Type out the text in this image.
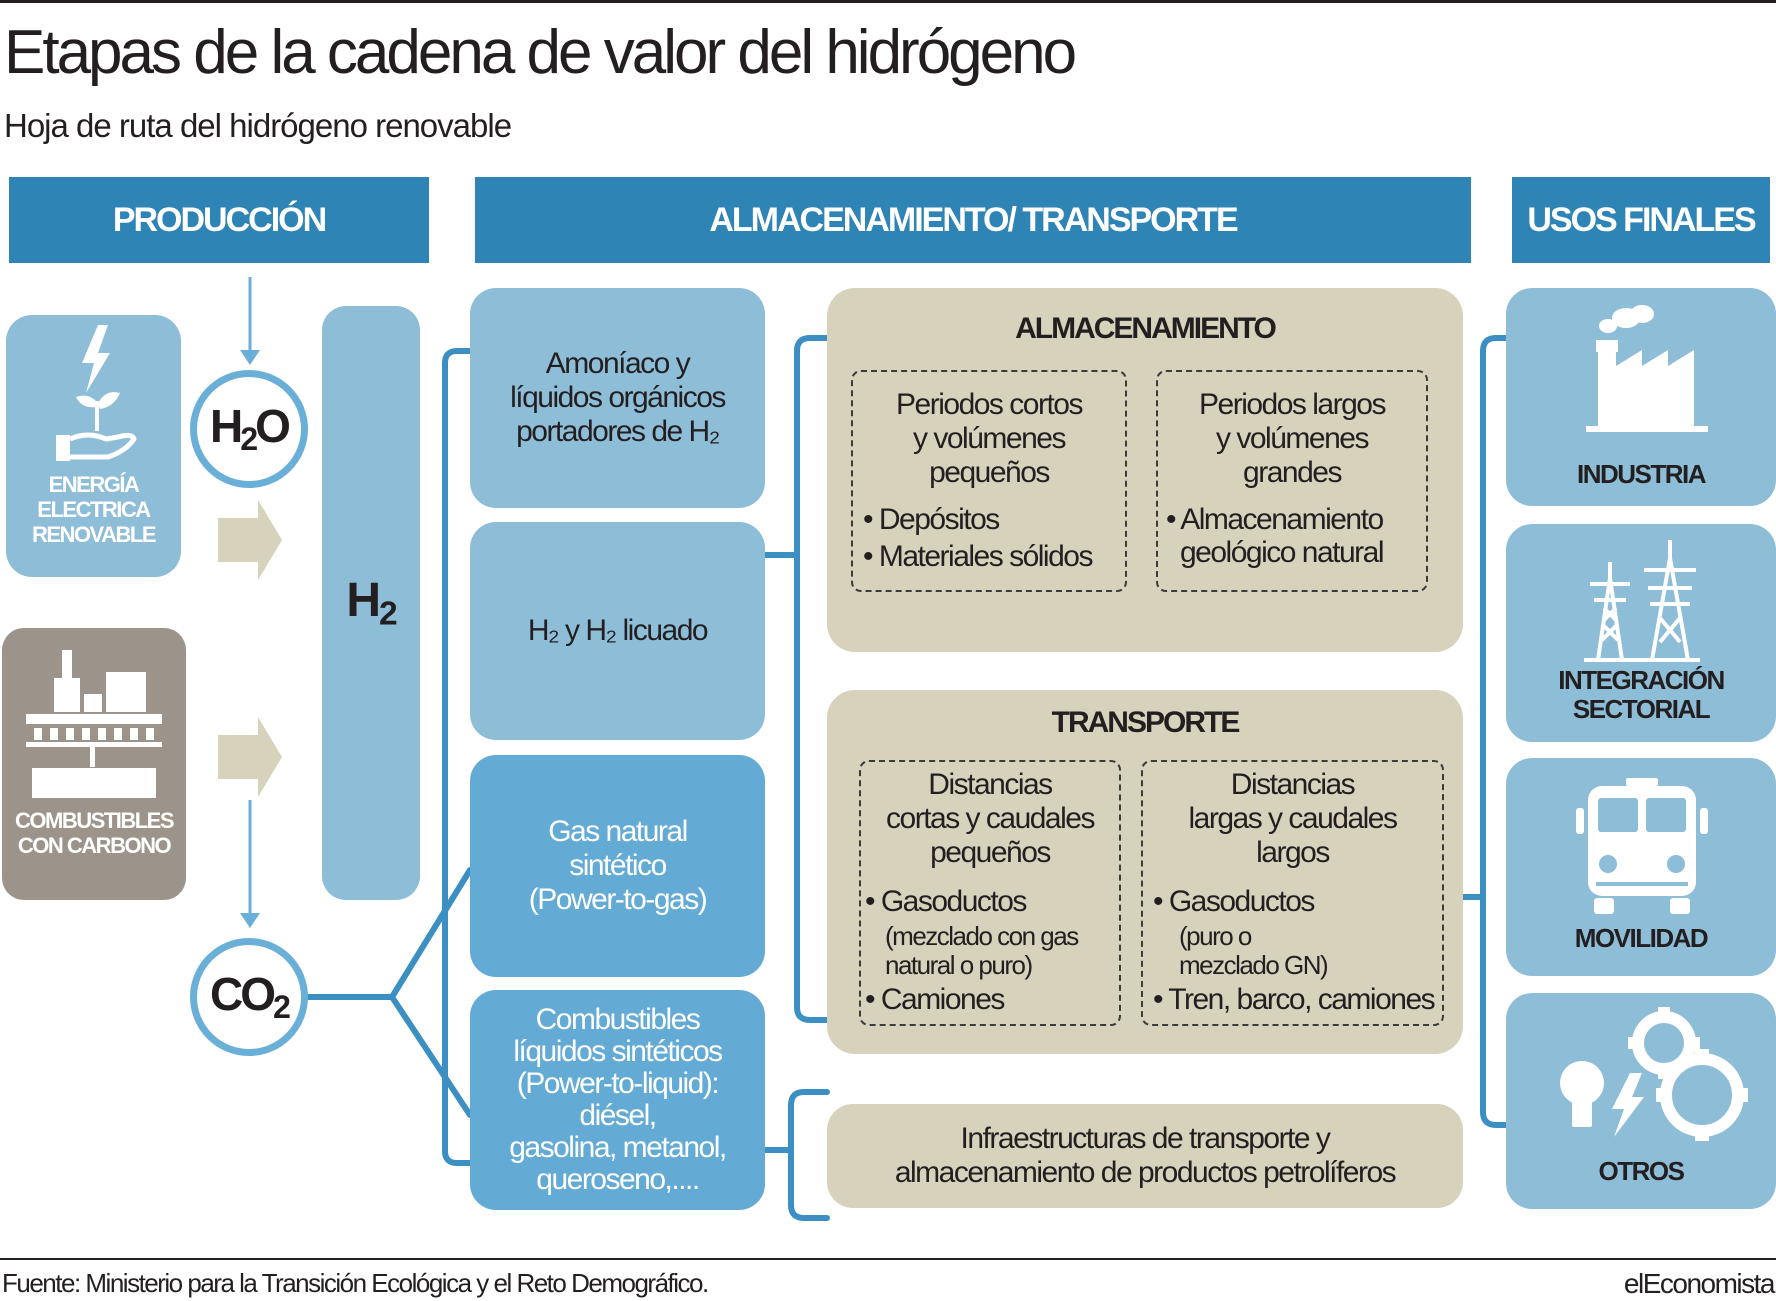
Etapas de la cadena de valor del hidrógeno
Hoja de ruta del hidrógeno renovable
PRODUCCIÓN	ALMACENAMIENTO/ TRANSPORTE	USOS FINALES
ENERGÍA
ELECTRICA
RENOVABLE
COMBUSTIBLES
CON CARBONO
$H_2O$
$CO_2$
$H_2$
Amoníaco y
líquidos orgánicos
portadores de H₂
H₂ y H₂ licuado
Gas natural
sintético
(Power-to-gas)
Combustibles
líquidos sintéticos
(Power-to-liquid):
diésel,
gasolina, metanol,
queroseno,....
ALMACENAMIENTO
Periodos cortos
y volúmenes
pequeños
• Depósitos
• Materiales sólidos
Periodos largos
y volúmenes
grandes
• Almacenamiento
geológico natural
TRANSPORTE
Distancias
cortas y caudales
pequeños
• Gasoductos
(mezclado con gas
natural o puro)
• Camiones
Distancias
largas y caudales
largos
• Gasoductos
(puro o
mezclado GN)
• Tren, barco, camiones
Infraestructuras de transporte y
almacenamiento de productos petrolíferos
INDUSTRIA
INTEGRACIÓN
SECTORIAL
MOVILIDAD
OTROS
Fuente: Ministerio para la Transición Ecológica y el Reto Demográfico.	elEconomista
